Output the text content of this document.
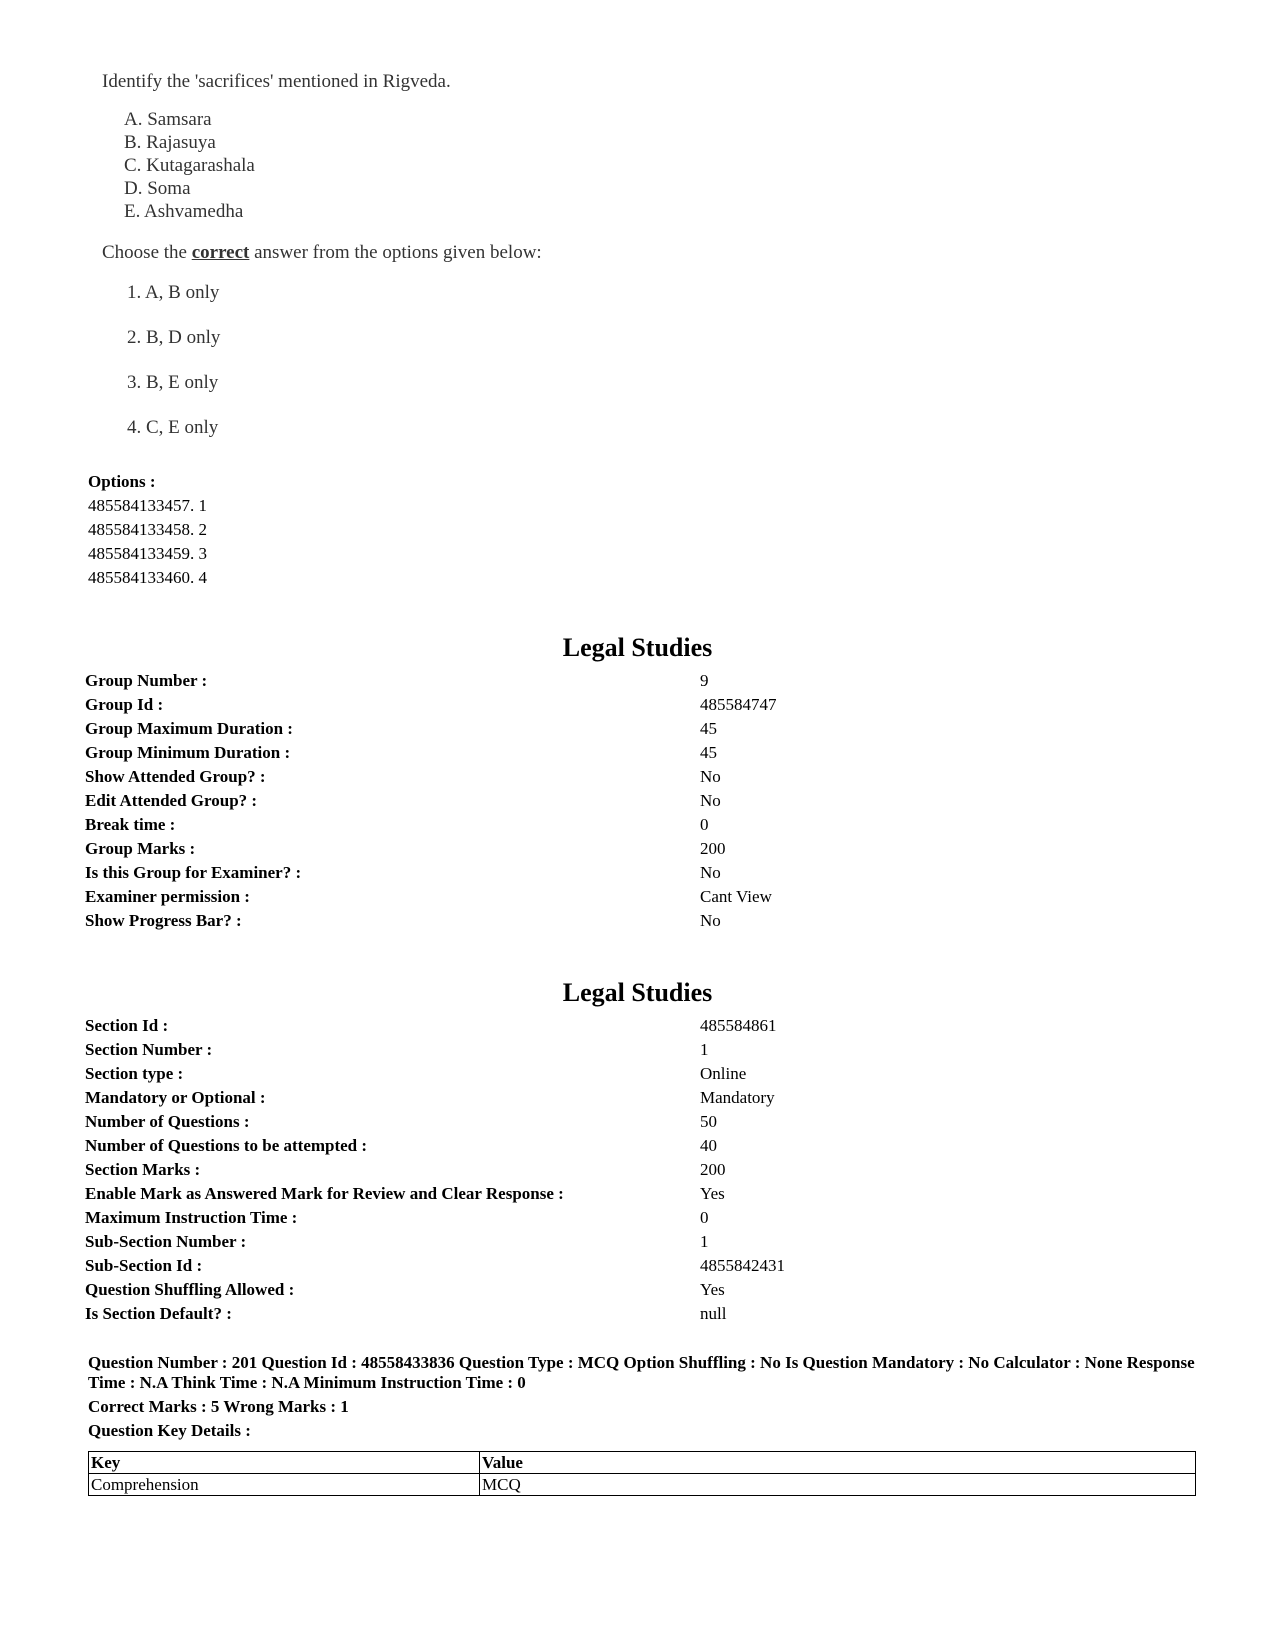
Identify the 'sacrifices' mentioned in Rigveda.

A. Samsara
B. Rajasuya
C. Kutagarashala
D. Soma
E. Ashvamedha
Choose the correct answer from the options given below:
1. A, B only
2. B, D only
3. B, E only
4. C, E only
Options :
485584133457. 1
485584133458. 2
485584133459. 3
485584133460. 4
Legal Studies
Group Number :	9
Group Id :	485584747
Group Maximum Duration :	45
Group Minimum Duration :	45
Show Attended Group? :	No
Edit Attended Group? :	No
Break time :	0
Group Marks :	200
Is this Group for Examiner? :	No
Examiner permission :	Cant View
Show Progress Bar? :	No
Legal Studies
Section Id :	485584861
Section Number :	1
Section type :	Online
Mandatory or Optional :	Mandatory
Number of Questions :	50
Number of Questions to be attempted :	40
Section Marks :	200
Enable Mark as Answered Mark for Review and Clear Response :	Yes
Maximum Instruction Time :	0
Sub-Section Number :	1
Sub-Section Id :	4855842431
Question Shuffling Allowed :	Yes
Is Section Default? :	null
Question Number : 201 Question Id : 48558433836 Question Type : MCQ Option Shuffling : No Is Question Mandatory : No Calculator : None Response Time : N.A Think Time : N.A Minimum Instruction Time : 0
Correct Marks : 5 Wrong Marks : 1
Question Key Details :
Key	Value
Comprehension	MCQ
